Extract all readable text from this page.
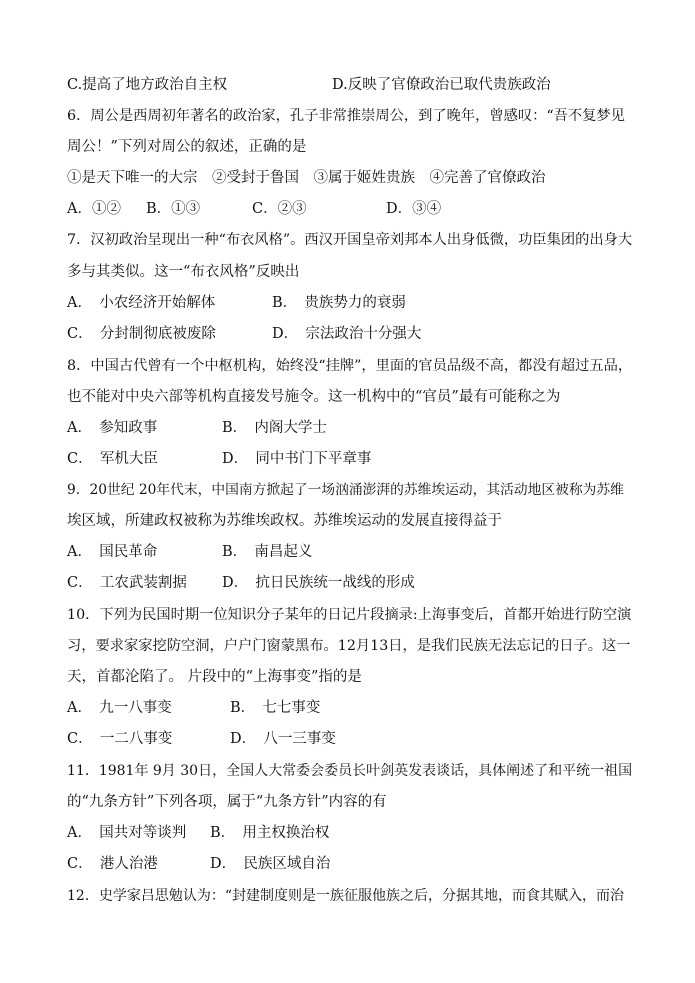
C.提高了地方政治自主权	D.反映了官僚政治已取代贵族政治
6．周公是西周初年著名的政治家，孔子非常推崇周公，到了晚年，曾感叹：“吾不复梦见
周公！”下列对周公的叙述，正确的是
①是天下唯一的大宗　②受封于鲁国　③属于姬姓贵族　④完善了官僚政治
A．①② B．①③	C．②③	D．③④
7．汉初政治呈现出一种“布衣风格”。西汉开国皇帝刘邦本人出身低微，功臣集团的出身大
多与其类似。这一“布衣风格”反映出
A．　小农经济开始解体	B．　贵族势力的衰弱
C．　分封制彻底被废除	D．　宗法政治十分强大
8．中国古代曾有一个中枢机构，始终没“挂牌”，里面的官员品级不高，都没有超过五品，
也不能对中央六部等机构直接发号施令。这一机构中的“官员”最有可能称之为
A．　参知政事	B．　内阁大学士
C．　军机大臣	D．　同中书门下平章事
9．20世纪 20年代末，中国南方掀起了一场汹涌澎湃的苏维埃运动，其活动地区被称为苏维
埃区域，所建政权被称为苏维埃政权。苏维埃运动的发展直接得益于
A．　国民革命	B．　南昌起义
C．　工农武装割据 D．　抗日民族统一战线的形成
10．下列为民国时期一位知识分子某年的日记片段摘录:上海事变后，首都开始进行防空演
习，要求家家挖防空洞，户户门窗蒙黑布。12月13日，是我们民族无法忘记的日子。这一
天，首都沦陷了。 片段中的“上海事变”指的是
A．　九一八事变	B．　七七事变
C．　一二八事变	D．　八一三事变
11．1981年 9月 30日，全国人大常委会委员长叶剑英发表谈话，具体阐述了和平统一祖国
的“九条方针”下列各项，属于“九条方针”内容的有
A．　国共对等谈判 B．　用主权换治权
C．　港人治港	D．　民族区域自治
12．史学家吕思勉认为：“封建制度则是一族征服他族之后，分据其地，而食其赋入，而治
